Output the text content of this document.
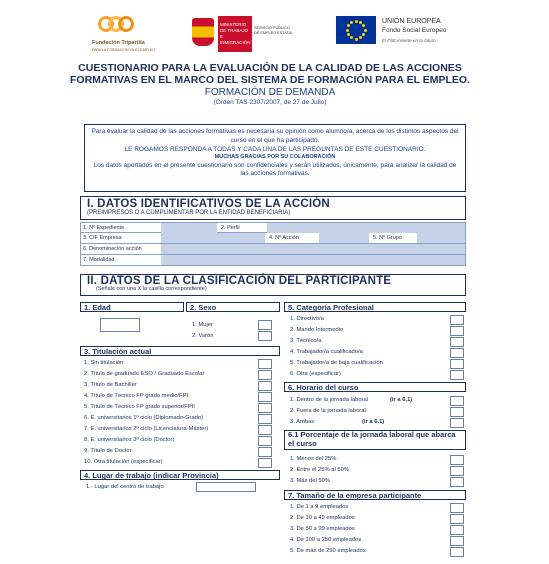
Fundación Tripartita
PARA LA FORMACIÓN EN EL EMPLEO
MINISTERIO
DE TRABAJO
E INMIGRACIÓN
SERVICIO PÚBLICO
DE EMPLEO ESTATAL
UNIÓN EUROPEA
Fondo Social Europeo
El FSE invierte en tu futuro
CUESTIONARIO PARA LA EVALUACIÓN DE LA CALIDAD DE LAS ACCIONES FORMATIVAS EN EL MARCO DEL SISTEMA DE FORMACIÓN PARA EL EMPLEO.
FORMACIÓN DE DEMANDA
(Orden TAS 2307/2007, de 27 de Julio)
Para evaluar la calidad de las acciones formativas es necesaria su opinión como alumno/a, acerca de los distintos aspectos del curso en el que ha participado.
LE ROGAMOS RESPONDA A TODAS Y CADA UNA DE LAS PREGUNTAS DE ESTE CUESTIONARIO.
MUCHAS GRACIAS POR SU COLABORACIÓN
Los datos aportados en el presente cuestionario son confidenciales y serán utilizados, únicamente, para analizar la calidad de las acciones formativas.
I. DATOS IDENTIFICATIVOS DE LA ACCIÓN
(PREIMPRESOS O A CUMPLIMENTAR POR LA ENTIDAD BENEFICIARIA)
1. Nº Expediente	2. Perfil
3. CIF Empresa	4. Nº Acción	5. Nº Grupo
6. Denominación acción
7. Modalidad
II. DATOS DE LA CLASIFICACIÓN DEL PARTICIPANTE
(Señale con una X la casilla correspondiente)
1. Edad	2. Sexo
1. Mujer
2. Varón
3. Titulación actual
1. Sin titulación
2. Título de graduado ESO / Graduado Escolar
3. Título de Bachiller
4. Título de Técnico FP grado medio/FPI
5. Título de Técnico FP grado superior/FPII
6. E. universitarios 1º ciclo (Diplomado-Grado)
7. E. universitarios 2º ciclo (Licenciatura-Máster)
8. E. universitarios 3º ciclo (Doctor)
9. Título de Doctor
10. Otra titulación (especificar)
4. Lugar de trabajo (indicar Provincia)
1.- Lugar del centro de trabajo
5. Categoría Profesional
1. Directivo/a
2. Mando Intermedio
3. Técnico/a
4. Trabajador/a cualificado/a
5. Trabajador/a de baja cualificación
6. Otra (especificar)
6. Horario del curso
1. Dentro de la jornada laboral
2. Fuera de la jornada laboral
3. Ambas
(ir a 6.1)
(ir a 6.1)
6.1 Porcentaje de la jornada laboral que abarca el curso
1. Menos del 25%
2. Entre el 25% al 50%
3. Más del 50%
7. Tamaño de la empresa participante
1. De 1 a 9 empleados
2. De 10 a 49 empleados
3. De 50 a 99 empleados
4. De 100 a 250 empleados
5. De más de 250 empleados
